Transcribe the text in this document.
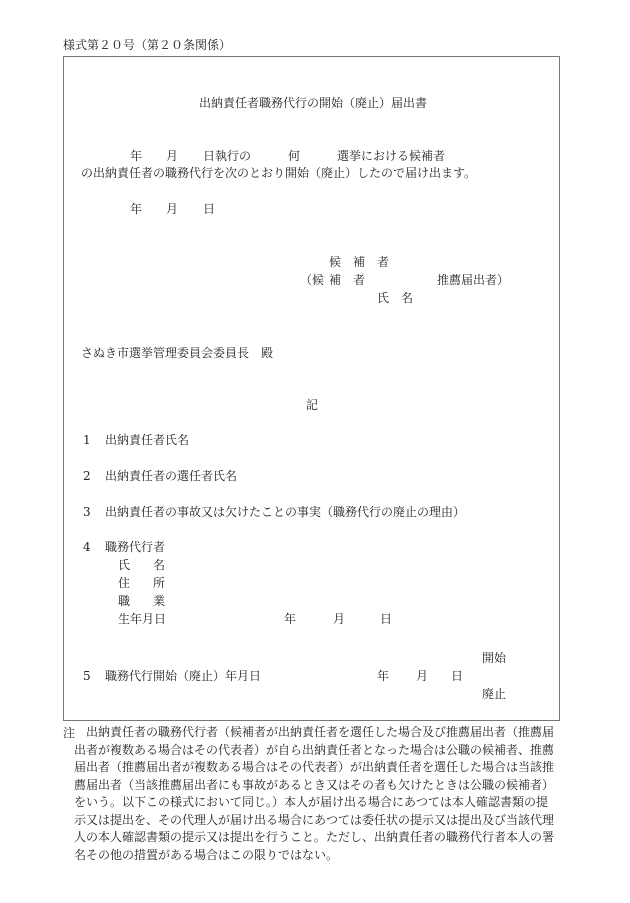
様式第２０号（第２０条関係）
出納責任者職務代行の開始（廃止）届出書
年 月 日執行の	何	選挙における候補者
の出納責任者の職務代行を次のとおり開始（廃止）したので届け出ます。
年 月 日
候 補 者
（候 補 者	推薦届出者）
氏 名
さぬき市選挙管理委員会委員長　殿
記
1 出納責任者氏名
2 出納責任者の選任者氏名
3 出納責任者の事故又は欠けたことの事実（職務代行の廃止の理由）
4 職務代行者
氏 名
住 所
職 業
生年月日	年	月	日
開始
5 職務代行開始（廃止）年月日	年 月 日
廃止
注 出納責任者の職務代行者（候補者が出納責任者を選任した場合及び推薦届出者（推薦届
出者が複数ある場合はその代表者）が自ら出納責任者となった場合は公職の候補者、推薦
届出者（推薦届出者が複数ある場合はその代表者）が出納責任者を選任した場合は当該推
薦届出者（当該推薦届出者にも事故があるとき又はその者も欠けたときは公職の候補者）
をいう。以下この様式において同じ。）本人が届け出る場合にあつては本人確認書類の提
示又は提出を、その代理人が届け出る場合にあつては委任状の提示又は提出及び当該代理
人の本人確認書類の提示又は提出を行うこと。ただし、出納責任者の職務代行者本人の署
名その他の措置がある場合はこの限りではない。
